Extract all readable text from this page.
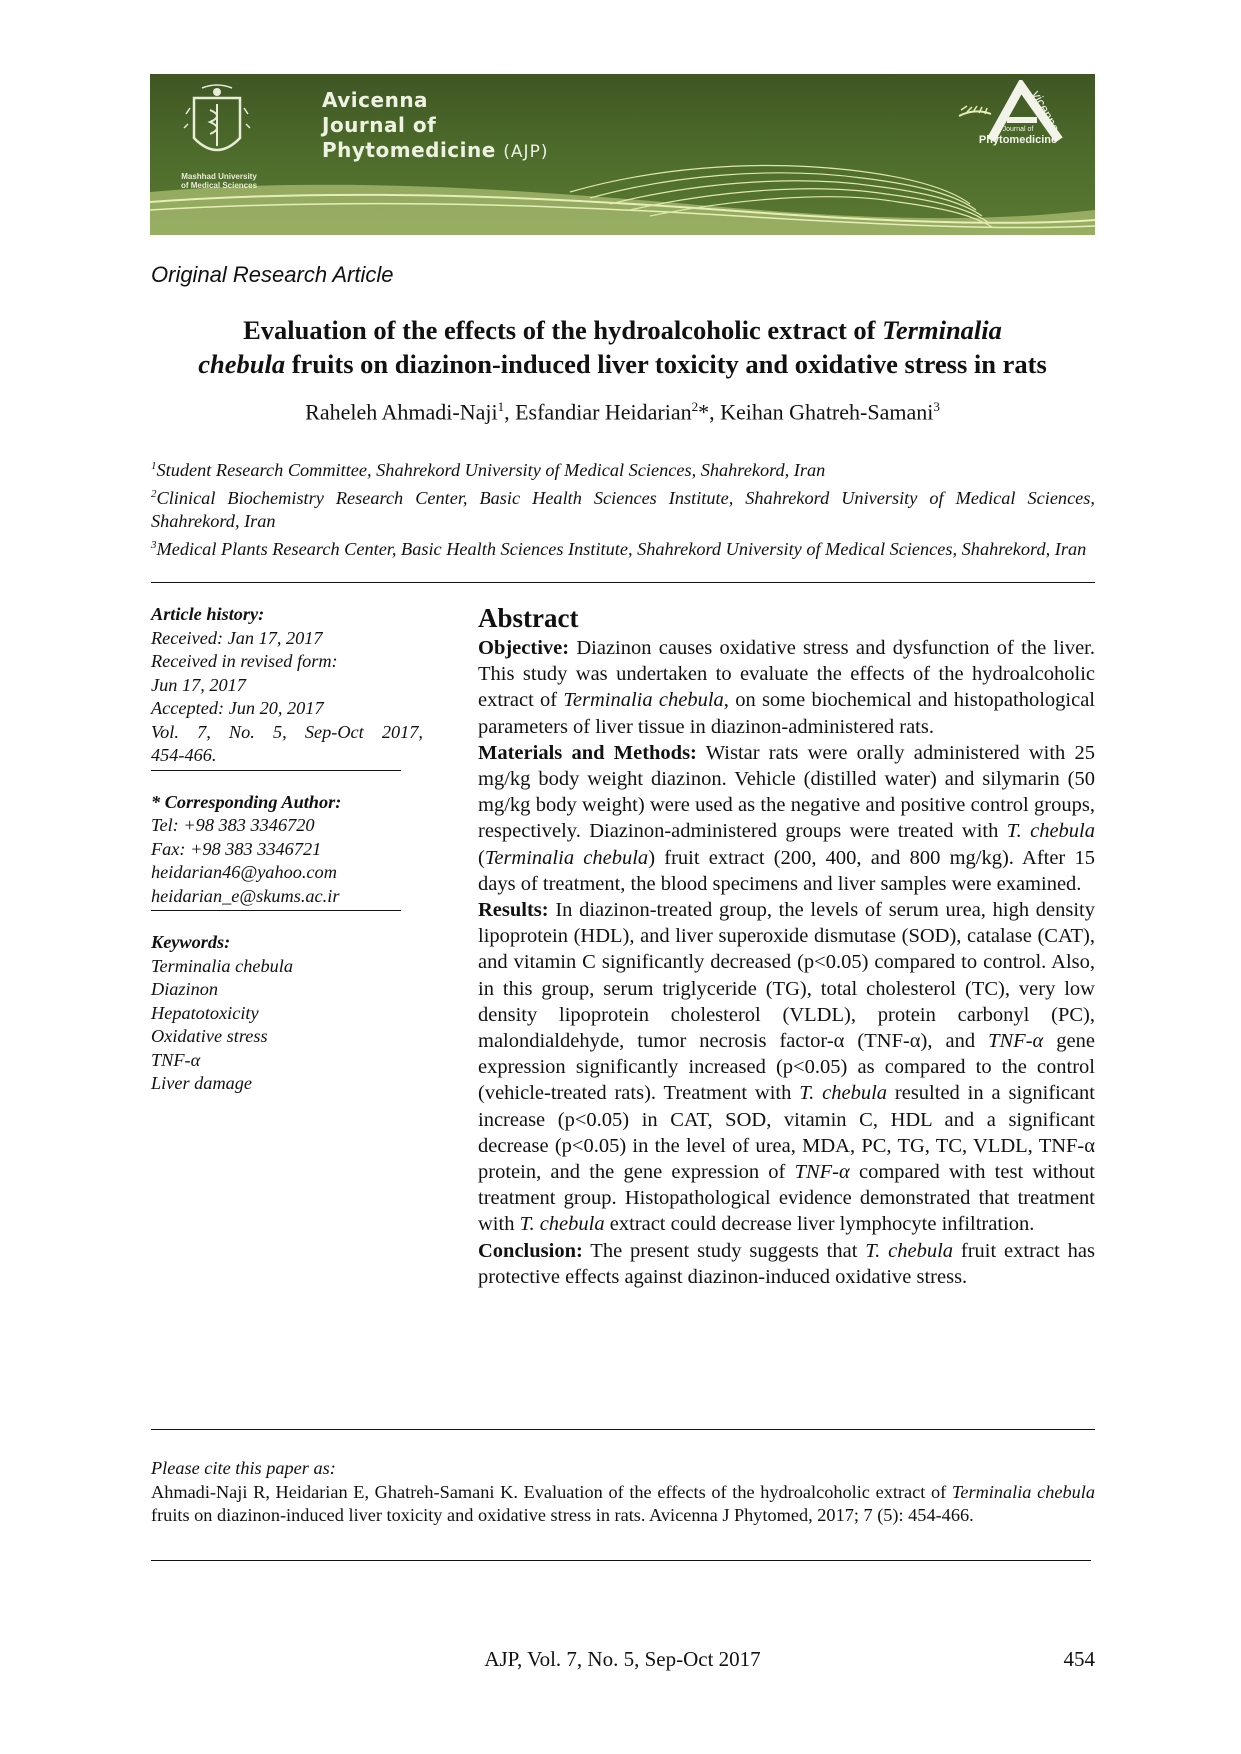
Mashhad University
of Medical Sciences
Avicenna
Journal of
Phytomedicine (AJP)
Journal of
Phytomedicine
vicenna
Original Research Article
Evaluation of the effects of the hydroalcoholic extract of Terminalia
chebula fruits on diazinon-induced liver toxicity and oxidative stress in rats
Raheleh Ahmadi-Naji$^1$, Esfandiar Heidarian$^2$*, Keihan Ghatreh-Samani$^3$

$^1$Student Research Committee, Shahrekord University of Medical Sciences, Shahrekord, Iran

$^2$Clinical Biochemistry Research Center, Basic Health Sciences Institute, Shahrekord University of Medical Sciences, Shahrekord, Iran

$^3$Medical Plants Research Center, Basic Health Sciences Institute, Shahrekord University of Medical Sciences, Shahrekord, Iran

Article history:
Received: Jan 17, 2017
Received in revised form:
Jun 17, 2017
Accepted: Jun 20, 2017
Vol. 7, No. 5, Sep-Oct 2017,
454-466.
* Corresponding Author:
Tel: +98 383 3346720
Fax: +98 383 3346721
heidarian46@yahoo.com
heidarian_e@skums.ac.ir
Keywords:
Terminalia chebula
Diazinon
Hepatotoxicity
Oxidative stress
TNF-α
Liver damage
Abstract

Objective: Diazinon causes oxidative stress and dysfunction of the liver. This study was undertaken to evaluate the effects of the hydroalcoholic extract of Terminalia chebula, on some biochemical and histopathological parameters of liver tissue in diazinon-administered rats.

Materials and Methods: Wistar rats were orally administered with 25 mg/kg body weight diazinon. Vehicle (distilled water) and silymarin (50 mg/kg body weight) were used as the negative and positive control groups, respectively. Diazinon-administered groups were treated with T. chebula (Terminalia chebula) fruit extract (200, 400, and 800 mg/kg). After 15 days of treatment, the blood specimens and liver samples were examined.

Results: In diazinon-treated group, the levels of serum urea, high density lipoprotein (HDL), and liver superoxide dismutase (SOD), catalase (CAT), and vitamin C significantly decreased (p<0.05) compared to control. Also, in this group, serum triglyceride (TG), total cholesterol (TC), very low density lipoprotein cholesterol (VLDL), protein carbonyl (PC), malondialdehyde, tumor necrosis factor-α (TNF-α), and TNF-α gene expression significantly increased (p<0.05) as compared to the control (vehicle-treated rats). Treatment with T. chebula resulted in a significant increase (p<0.05) in CAT, SOD, vitamin C, HDL and a significant decrease (p<0.05) in the level of urea, MDA, PC, TG, TC, VLDL, TNF-α protein, and the gene expression of TNF-α compared with test without treatment group. Histopathological evidence demonstrated that treatment with T. chebula extract could decrease liver lymphocyte infiltration.

Conclusion: The present study suggests that T. chebula fruit extract has protective effects against diazinon-induced oxidative stress.

Please cite this paper as:

Ahmadi-Naji R, Heidarian E, Ghatreh-Samani K. Evaluation of the effects of the hydroalcoholic extract of Terminalia chebula fruits on diazinon-induced liver toxicity and oxidative stress in rats. Avicenna J Phytomed, 2017; 7 (5): 454-466.

AJP, Vol. 7, No. 5, Sep-Oct 2017	454
